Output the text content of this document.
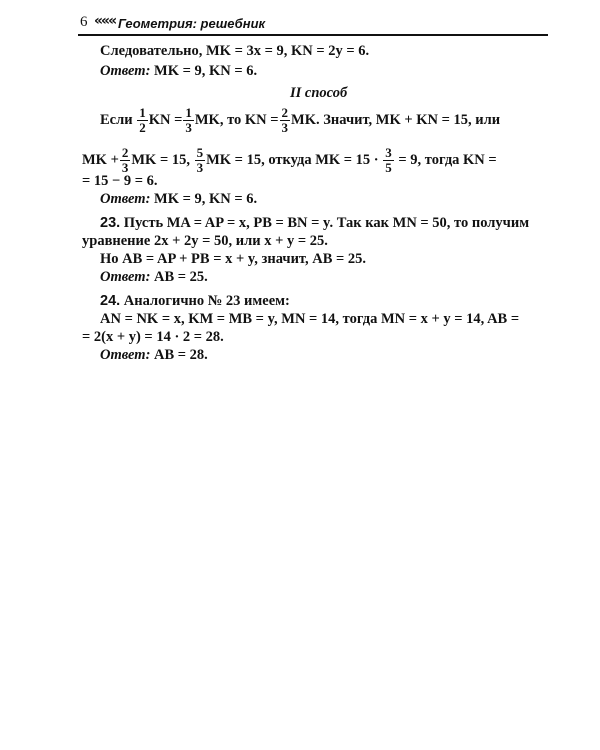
6 ««« Геометрия: решебник
Следовательно, MK = 3x = 9, KN = 2y = 6.
Ответ: MK = 9, KN = 6.
II способ
Если $\frac{1}{2}$ KN = $\frac{1}{3}$ MK, то KN = $\frac{2}{3}$ MK. Значит, MK + KN = 15, или
MK + $\frac{2}{3}$ MK = 15, $\frac{5}{3}$ MK = 15, откуда MK = $15 \cdot \frac{3}{5} = 9$, тогда KN =
= 15 − 9 = 6.
Ответ: MK = 9, KN = 6.
23. Пусть MA = AP = x, PB = BN = y. Так как MN = 50, то получим
уравнение 2x + 2y = 50, или x + y = 25.
Но AB = AP + PB = x + y, значит, AB = 25.
Ответ: AB = 25.
24. Аналогично № 23 имеем:
AN = NK = x, KM = MB = y, MN = 14, тогда MN = x + y = 14, AB =
= 2(x + y) = 14 · 2 = 28.
Ответ: AB = 28.
